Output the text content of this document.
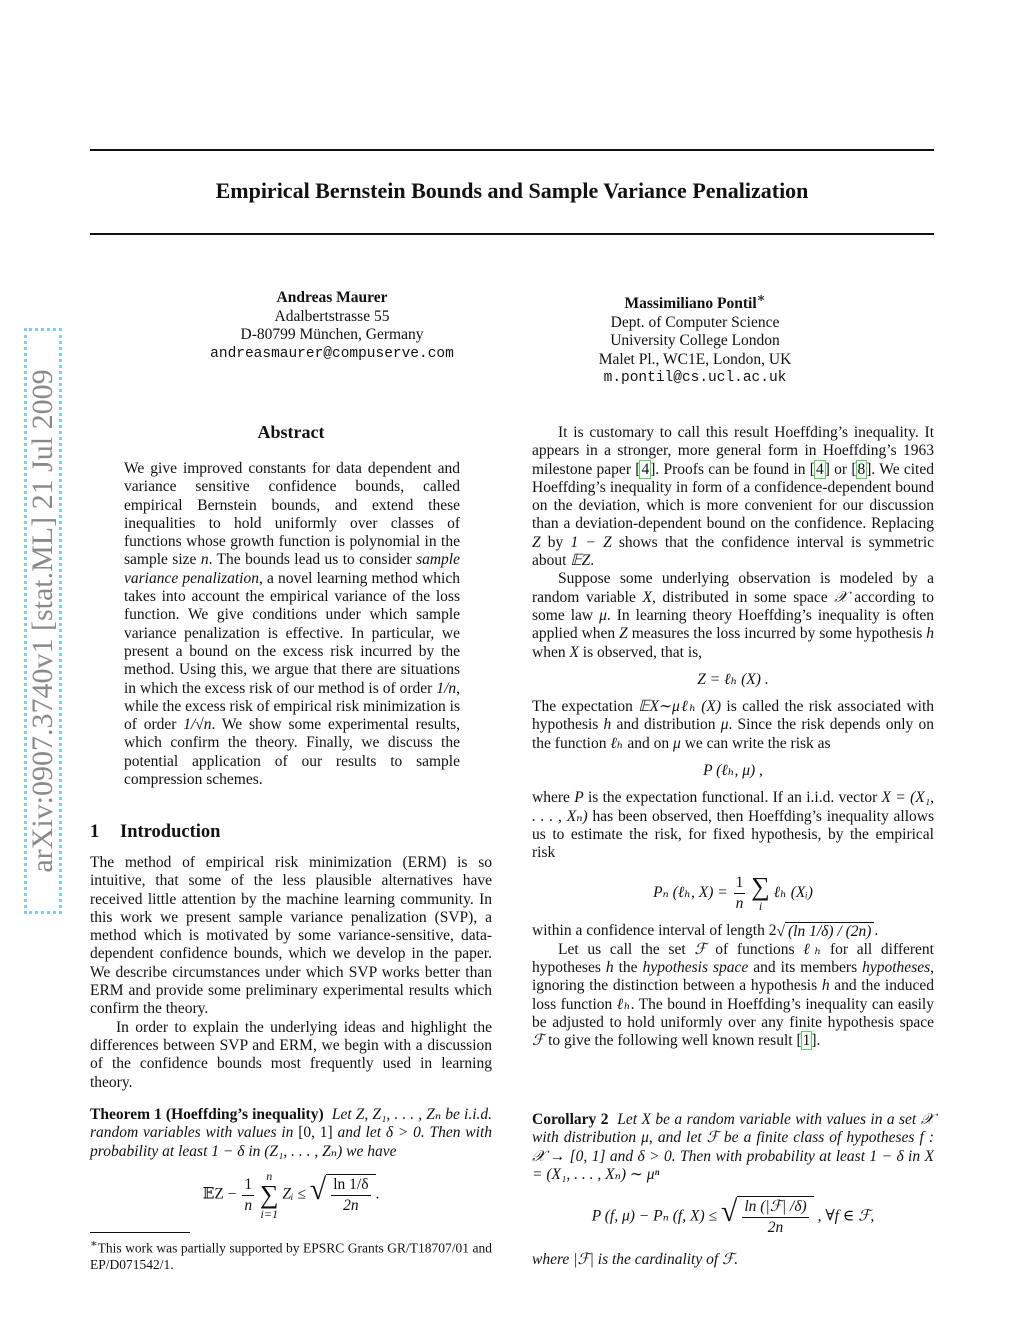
arXiv:0907.3740v1 [stat.ML] 21 Jul 2009
Empirical Bernstein Bounds and Sample Variance Penalization
Andreas Maurer
Adalbertstrasse 55
D-80799 München, Germany
andreasmaurer@compuserve.com
Massimiliano Pontil∗
Dept. of Computer Science
University College London
Malet Pl., WC1E, London, UK
m.pontil@cs.ucl.ac.uk
Abstract
We give improved constants for data dependent and variance sensitive confidence bounds, called empirical Bernstein bounds, and extend these inequalities to hold uniformly over classes of functions whose growth function is polynomial in the sample size n. The bounds lead us to consider sample variance penalization, a novel learning method which takes into account the empirical variance of the loss function. We give conditions under which sample variance penalization is effective. In particular, we present a bound on the excess risk incurred by the method. Using this, we argue that there are situations in which the excess risk of our method is of order 1/n, while the excess risk of empirical risk minimization is of order 1/√n. We show some experimental results, which confirm the theory. Finally, we discuss the potential application of our results to sample compression schemes.
1 Introduction

The method of empirical risk minimization (ERM) is so intuitive, that some of the less plausible alternatives have received little attention by the machine learning community. In this work we present sample variance penalization (SVP), a method which is motivated by some variance-sensitive, data-dependent confidence bounds, which we develop in the paper. We describe circumstances under which SVP works better than ERM and provide some preliminary experimental results which confirm the theory.

In order to explain the underlying ideas and highlight the differences between SVP and ERM, we begin with a discussion of the confidence bounds most frequently used in learning theory.

Theorem 1 (Hoeffding’s inequality) Let Z, Z₁, . . . , Zₙ be i.i.d. random variables with values in [0, 1] and let δ > 0. Then with probability at least 1 − δ in (Z₁, . . . , Zₙ) we have
𝔼Z − $\frac{1}{n}$ n
∑
i=1 Zᵢ ≤ √ $\frac{\ln 1/\delta}{2n}$ .
∗This work was partially supported by EPSRC Grants GR/T18707/01 and EP/D071542/1.

It is customary to call this result Hoeffding’s inequality. It appears in a stronger, more general form in Hoeffding’s 1963 milestone paper [4]. Proofs can be found in [4] or [8]. We cited Hoeffding’s inequality in form of a confidence-dependent bound on the deviation, which is more convenient for our discussion than a deviation-dependent bound on the confidence. Replacing Z by 1 − Z shows that the confidence interval is symmetric about 𝔼Z.

Suppose some underlying observation is modeled by a random variable X, distributed in some space 𝒳 according to some law μ. In learning theory Hoeffding’s inequality is often applied when Z measures the loss incurred by some hypothesis h when X is observed, that is,

Z = ℓₕ (X) .

The expectation 𝔼X∼μℓₕ (X) is called the risk associated with hypothesis h and distribution μ. Since the risk depends only on the function ℓₕ and on μ we can write the risk as

P (ℓₕ, μ) ,

where P is the expectation functional. If an i.i.d. vector X = (X₁, . . . , Xₙ) has been observed, then Hoeffding’s inequality allows us to estimate the risk, for fixed hypothesis, by the empirical risk

Pₙ (ℓₕ, $X) = \frac{1}{n}$
∑
i ℓₕ (Xᵢ)

within a confidence interval of length 2√ (ln 1/δ) / (2n) .

Let us call the set ℱ of functions ℓₕ for all different hypotheses h the hypothesis space and its members hypotheses, ignoring the distinction between a hypothesis h and the induced loss function ℓₕ. The bound in Hoeffding’s inequality can easily be adjusted to hold uniformly over any finite hypothesis space ℱ to give the following well known result [1].

Corollary 2 Let X be a random variable with values in a set 𝒳 with distribution μ, and let ℱ be a finite class of hypotheses f : 𝒳 → [0, 1] and δ > 0. Then with probability at least 1 − δ in X = (X₁, . . . , Xₙ) ∼ μⁿ
P (f, μ) − Pₙ (f, X) ≤ √ $\frac{\text{ln (|ℱ| /δ)}}{2n}$ , ∀f ∈ ℱ,
where |ℱ| is the cardinality of ℱ.
